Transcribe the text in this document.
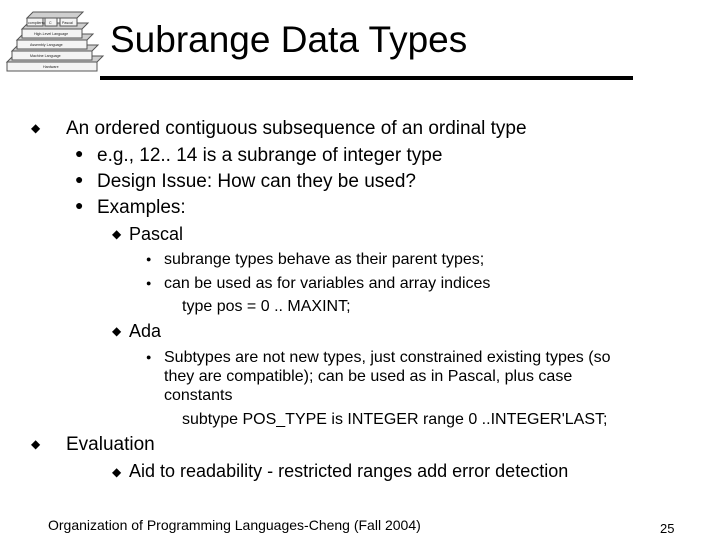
compilers C	Pascal
High-Level Language
Assembly Language
Machine Language
Hardware
Subrange Data Types
◆ An ordered contiguous subsequence of an ordinal type
● e.g., 12.. 14 is a subrange of integer type
● Design Issue: How can they be used?
● Examples:
◆ Pascal
● subrange types behave as their parent types;
● can be used as for variables and array indices
type pos = 0 .. MAXINT;
◆ Ada
● Subtypes are not new types, just constrained existing types (so
they are compatible); can be used as in Pascal, plus case
constants
subtype POS_TYPE is INTEGER range 0 ..INTEGER'LAST;
◆ Evaluation
◆ Aid to readability - restricted ranges add error detection
Organization of Programming Languages-Cheng (Fall 2004)	25
